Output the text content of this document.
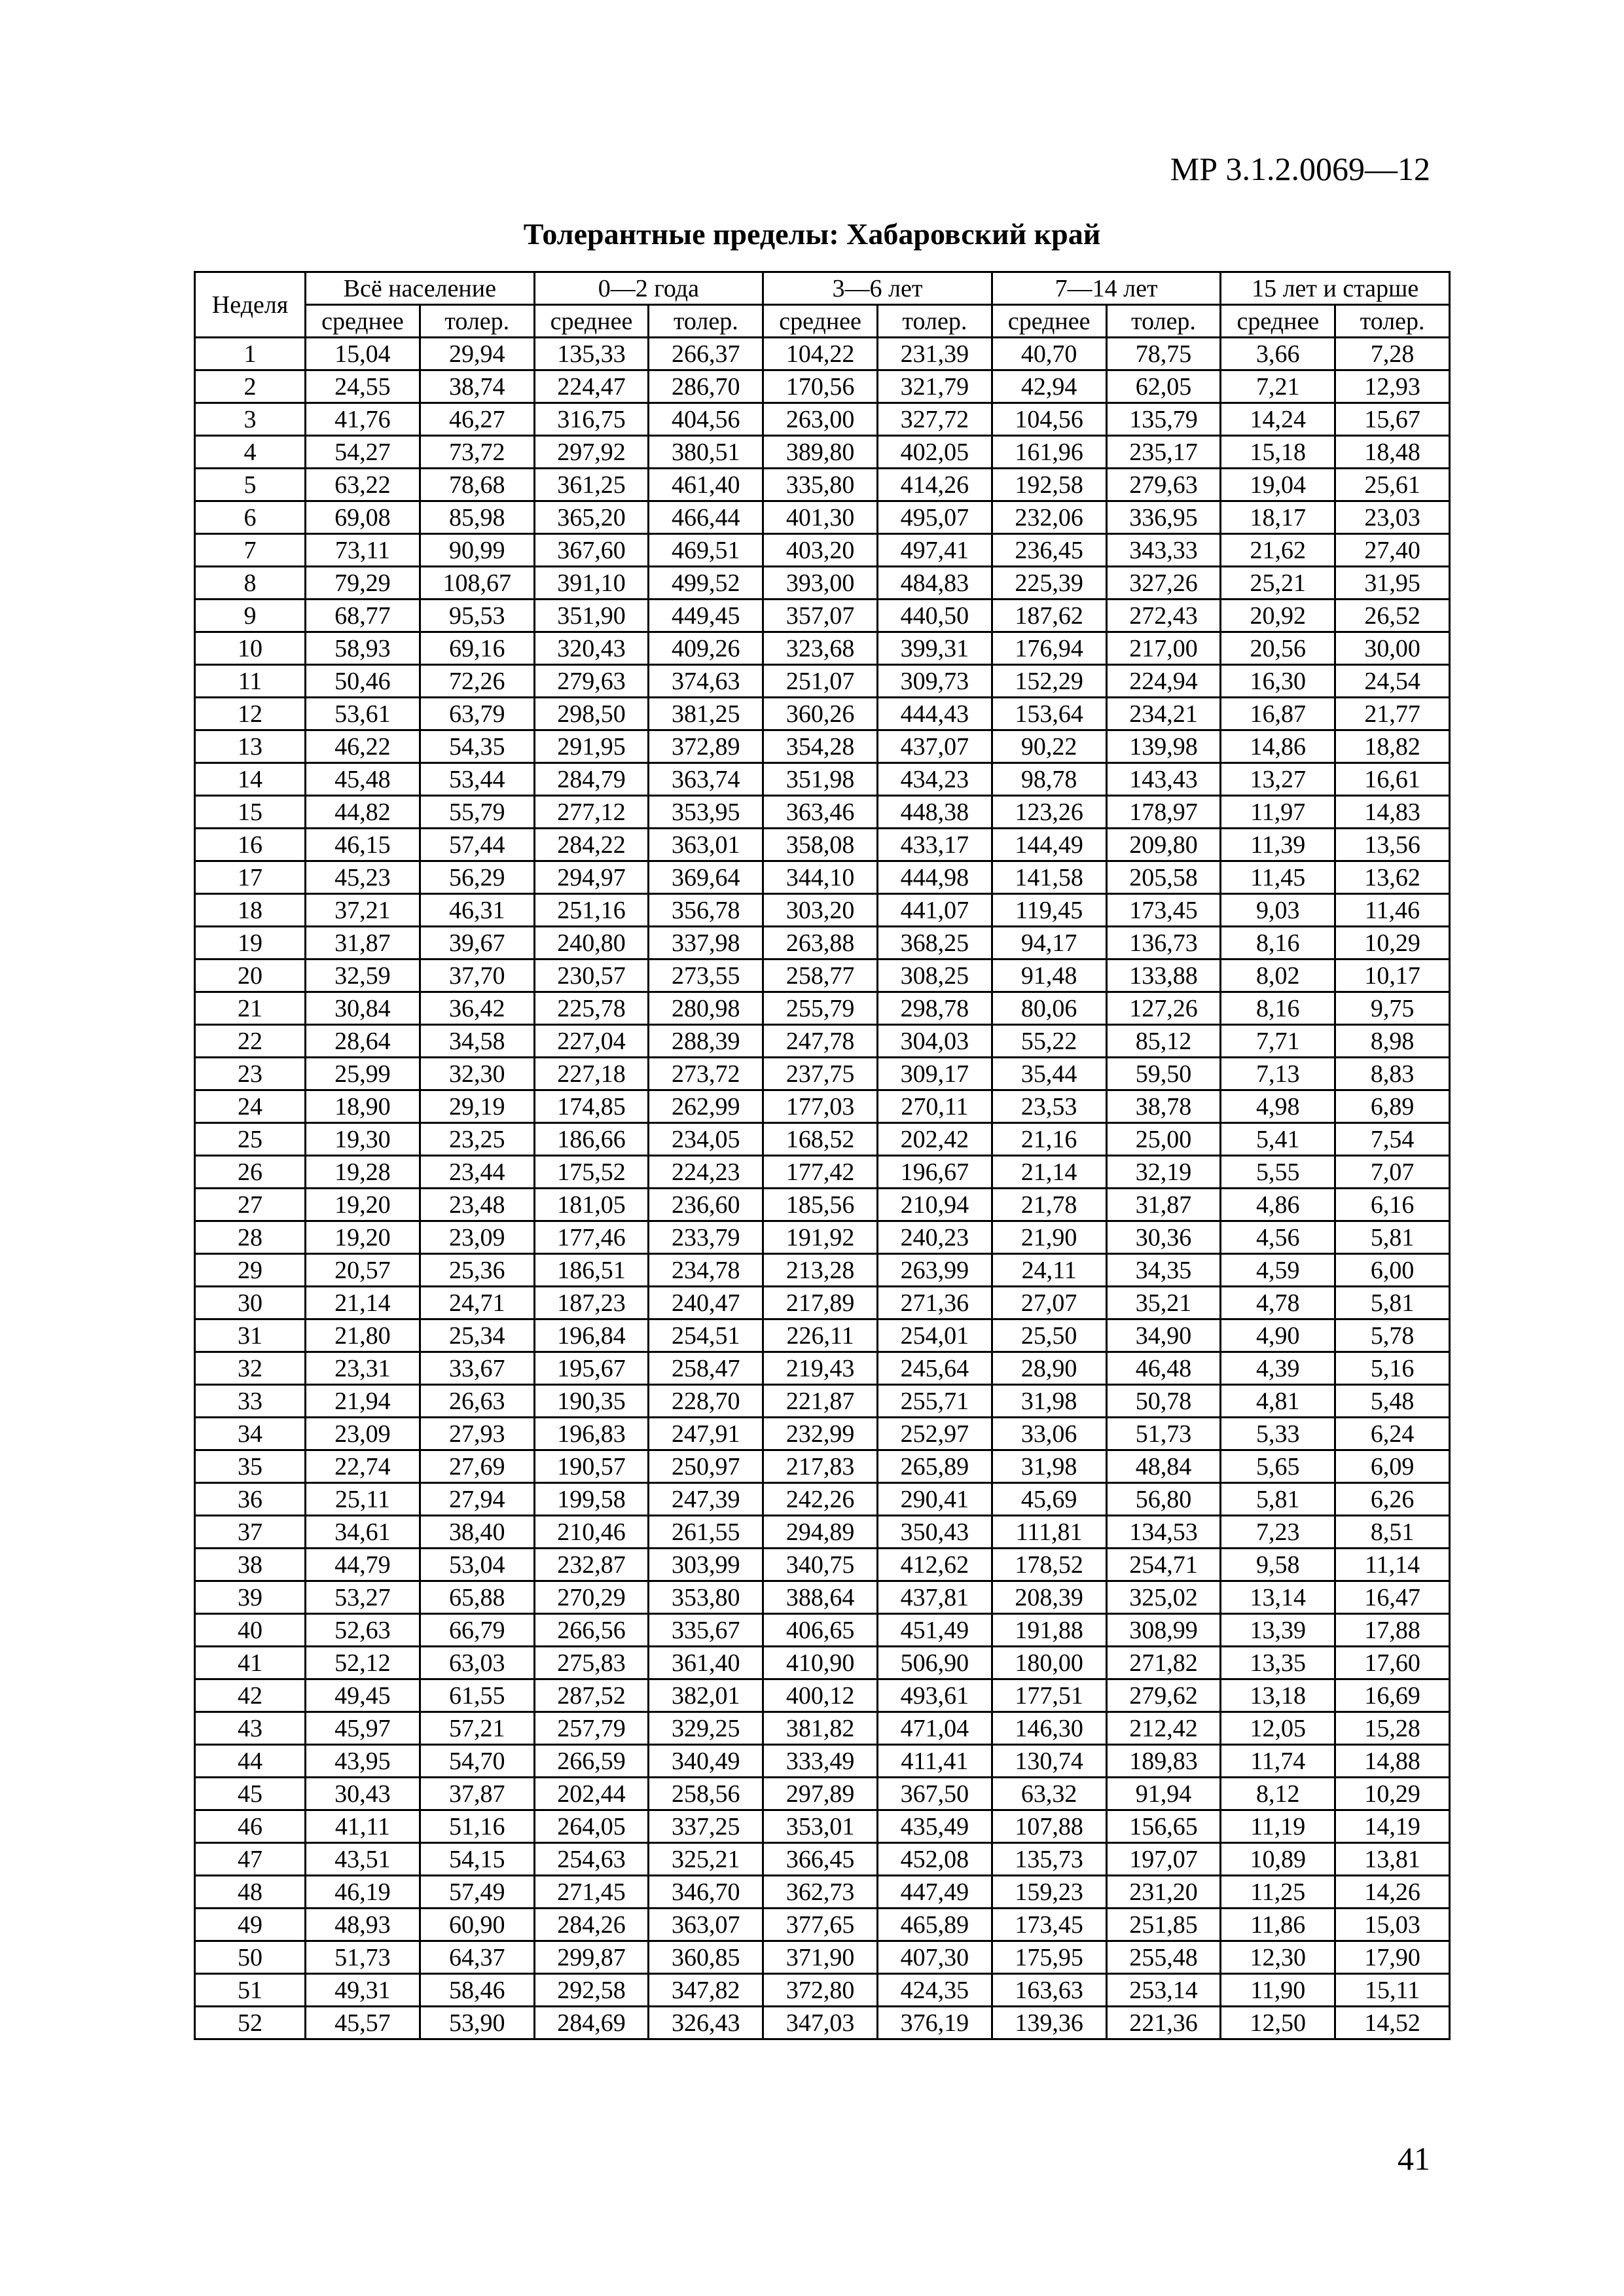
МР 3.1.2.0069—12
Толерантные пределы: Хабаровский край
Неделя	Всё население		0—2 года		3—6 лет		7—14 лет		15 лет и старше	
	среднее	толер.	среднее	толер.	среднее	толер.	среднее	толер.	среднее	толер.
1	15,04	29,94	135,33	266,37	104,22	231,39	40,70	78,75	3,66	7,28
2	24,55	38,74	224,47	286,70	170,56	321,79	42,94	62,05	7,21	12,93
3	41,76	46,27	316,75	404,56	263,00	327,72	104,56	135,79	14,24	15,67
4	54,27	73,72	297,92	380,51	389,80	402,05	161,96	235,17	15,18	18,48
5	63,22	78,68	361,25	461,40	335,80	414,26	192,58	279,63	19,04	25,61
6	69,08	85,98	365,20	466,44	401,30	495,07	232,06	336,95	18,17	23,03
7	73,11	90,99	367,60	469,51	403,20	497,41	236,45	343,33	21,62	27,40
8	79,29	108,67	391,10	499,52	393,00	484,83	225,39	327,26	25,21	31,95
9	68,77	95,53	351,90	449,45	357,07	440,50	187,62	272,43	20,92	26,52
10	58,93	69,16	320,43	409,26	323,68	399,31	176,94	217,00	20,56	30,00
11	50,46	72,26	279,63	374,63	251,07	309,73	152,29	224,94	16,30	24,54
12	53,61	63,79	298,50	381,25	360,26	444,43	153,64	234,21	16,87	21,77
13	46,22	54,35	291,95	372,89	354,28	437,07	90,22	139,98	14,86	18,82
14	45,48	53,44	284,79	363,74	351,98	434,23	98,78	143,43	13,27	16,61
15	44,82	55,79	277,12	353,95	363,46	448,38	123,26	178,97	11,97	14,83
16	46,15	57,44	284,22	363,01	358,08	433,17	144,49	209,80	11,39	13,56
17	45,23	56,29	294,97	369,64	344,10	444,98	141,58	205,58	11,45	13,62
18	37,21	46,31	251,16	356,78	303,20	441,07	119,45	173,45	9,03	11,46
19	31,87	39,67	240,80	337,98	263,88	368,25	94,17	136,73	8,16	10,29
20	32,59	37,70	230,57	273,55	258,77	308,25	91,48	133,88	8,02	10,17
21	30,84	36,42	225,78	280,98	255,79	298,78	80,06	127,26	8,16	9,75
22	28,64	34,58	227,04	288,39	247,78	304,03	55,22	85,12	7,71	8,98
23	25,99	32,30	227,18	273,72	237,75	309,17	35,44	59,50	7,13	8,83
24	18,90	29,19	174,85	262,99	177,03	270,11	23,53	38,78	4,98	6,89
25	19,30	23,25	186,66	234,05	168,52	202,42	21,16	25,00	5,41	7,54
26	19,28	23,44	175,52	224,23	177,42	196,67	21,14	32,19	5,55	7,07
27	19,20	23,48	181,05	236,60	185,56	210,94	21,78	31,87	4,86	6,16
28	19,20	23,09	177,46	233,79	191,92	240,23	21,90	30,36	4,56	5,81
29	20,57	25,36	186,51	234,78	213,28	263,99	24,11	34,35	4,59	6,00
30	21,14	24,71	187,23	240,47	217,89	271,36	27,07	35,21	4,78	5,81
31	21,80	25,34	196,84	254,51	226,11	254,01	25,50	34,90	4,90	5,78
32	23,31	33,67	195,67	258,47	219,43	245,64	28,90	46,48	4,39	5,16
33	21,94	26,63	190,35	228,70	221,87	255,71	31,98	50,78	4,81	5,48
34	23,09	27,93	196,83	247,91	232,99	252,97	33,06	51,73	5,33	6,24
35	22,74	27,69	190,57	250,97	217,83	265,89	31,98	48,84	5,65	6,09
36	25,11	27,94	199,58	247,39	242,26	290,41	45,69	56,80	5,81	6,26
37	34,61	38,40	210,46	261,55	294,89	350,43	111,81	134,53	7,23	8,51
38	44,79	53,04	232,87	303,99	340,75	412,62	178,52	254,71	9,58	11,14
39	53,27	65,88	270,29	353,80	388,64	437,81	208,39	325,02	13,14	16,47
40	52,63	66,79	266,56	335,67	406,65	451,49	191,88	308,99	13,39	17,88
41	52,12	63,03	275,83	361,40	410,90	506,90	180,00	271,82	13,35	17,60
42	49,45	61,55	287,52	382,01	400,12	493,61	177,51	279,62	13,18	16,69
43	45,97	57,21	257,79	329,25	381,82	471,04	146,30	212,42	12,05	15,28
44	43,95	54,70	266,59	340,49	333,49	411,41	130,74	189,83	11,74	14,88
45	30,43	37,87	202,44	258,56	297,89	367,50	63,32	91,94	8,12	10,29
46	41,11	51,16	264,05	337,25	353,01	435,49	107,88	156,65	11,19	14,19
47	43,51	54,15	254,63	325,21	366,45	452,08	135,73	197,07	10,89	13,81
48	46,19	57,49	271,45	346,70	362,73	447,49	159,23	231,20	11,25	14,26
49	48,93	60,90	284,26	363,07	377,65	465,89	173,45	251,85	11,86	15,03
50	51,73	64,37	299,87	360,85	371,90	407,30	175,95	255,48	12,30	17,90
51	49,31	58,46	292,58	347,82	372,80	424,35	163,63	253,14	11,90	15,11
52	45,57	53,90	284,69	326,43	347,03	376,19	139,36	221,36	12,50	14,52
41
